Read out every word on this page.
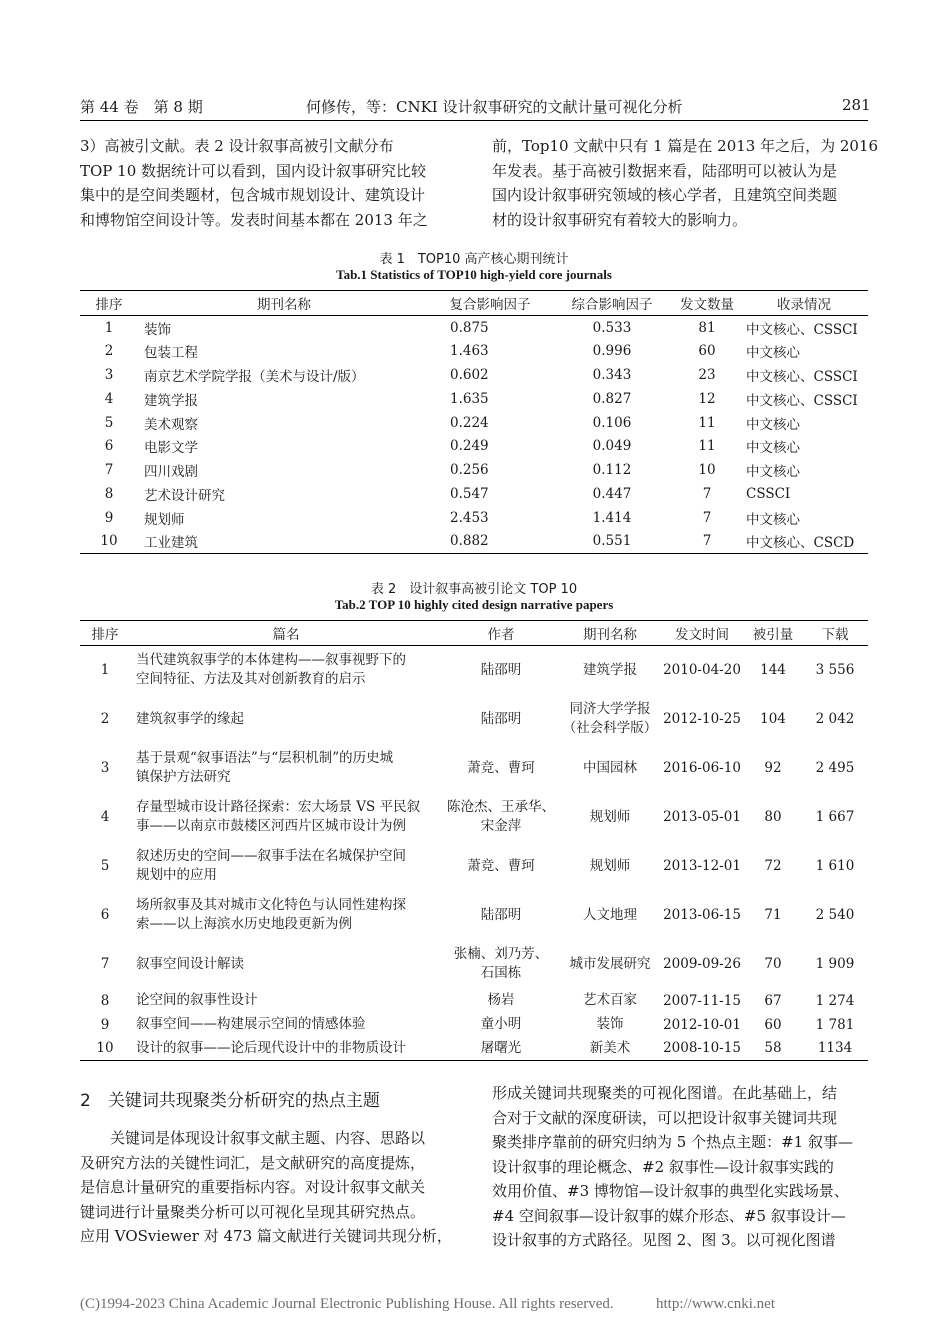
第 44 卷　第 8 期	何修传，等：CNKI 设计叙事研究的文献计量可视化分析	281
3）高被引文献。表 2 设计叙事高被引文献分布
TOP 10 数据统计可以看到，国内设计叙事研究比较
集中的是空间类题材，包含城市规划设计、建筑设计
和博物馆空间设计等。发表时间基本都在 2013 年之
前，Top10 文献中只有 1 篇是在 2013 年之后，为 2016
年发表。基于高被引数据来看，陆邵明可以被认为是
国内设计叙事研究领域的核心学者，且建筑空间类题
材的设计叙事研究有着较大的影响力。
表 1　TOP10 高产核心期刊统计
Tab.1 Statistics of TOP10 high-yield core journals
排序	期刊名称	复合影响因子	综合影响因子	发文数量	收录情况
1	装饰	0.875	0.533	81	中文核心、CSSCI
2	包装工程	1.463	0.996	60	中文核心
3	南京艺术学院学报（美术与设计/版）	0.602	0.343	23	中文核心、CSSCI
4	建筑学报	1.635	0.827	12	中文核心、CSSCI
5	美术观察	0.224	0.106	11	中文核心
6	电影文学	0.249	0.049	11	中文核心
7	四川戏剧	0.256	0.112	10	中文核心
8	艺术设计研究	0.547	0.447	7	CSSCI
9	规划师	2.453	1.414	7	中文核心
10	工业建筑	0.882	0.551	7	中文核心、CSCD
表 2　设计叙事高被引论文 TOP 10
Tab.2 TOP 10 highly cited design narrative papers
排序	篇名	作者	期刊名称	发文时间	被引量	下载
1	当代建筑叙事学的本体建构——叙事视野下的
空间特征、方法及其对创新教育的启示	陆邵明	建筑学报	2010-04-20	144	3 556
2	建筑叙事学的缘起	陆邵明	同济大学学报
（社会科学版）	2012-10-25	104	2 042
3	基于景观“叙事语法”与“层积机制”的历史城
镇保护方法研究	萧竞、曹珂	中国园林	2016-06-10	92	2 495
4	存量型城市设计路径探索：宏大场景 VS 平民叙
事——以南京市鼓楼区河西片区城市设计为例	陈沧杰、王承华、
宋金萍	规划师	2013-05-01	80	1 667
5	叙述历史的空间——叙事手法在名城保护空间
规划中的应用	萧竞、曹珂	规划师	2013-12-01	72	1 610
6	场所叙事及其对城市文化特色与认同性建构探
索——以上海滨水历史地段更新为例	陆邵明	人文地理	2013-06-15	71	2 540
7	叙事空间设计解读	张楠、刘乃芳、
石国栋	城市发展研究	2009-09-26	70	1 909
8	论空间的叙事性设计	杨岩	艺术百家	2007-11-15	67	1 274
9	叙事空间——构建展示空间的情感体验	童小明	装饰	2012-10-01	60	1 781
10	设计的叙事——论后现代设计中的非物质设计	屠曙光	新美术	2008-10-15	58	1134
2　关键词共现聚类分析研究的热点主题
　　关键词是体现设计叙事文献主题、内容、思路以
及研究方法的关键性词汇，是文献研究的高度提炼，
是信息计量研究的重要指标内容。对设计叙事文献关
键词进行计量聚类分析可以可视化呈现其研究热点。
应用 VOSviewer 对 473 篇文献进行关键词共现分析，
形成关键词共现聚类的可视化图谱。在此基础上，结
合对于文献的深度研读，可以把设计叙事关键词共现
聚类排序靠前的研究归纳为 5 个热点主题：#1 叙事—
设计叙事的理论概念、#2 叙事性—设计叙事实践的
效用价值、#3 博物馆—设计叙事的典型化实践场景、
#4 空间叙事—设计叙事的媒介形态、#5 叙事设计—
设计叙事的方式路径。见图 2、图 3。以可视化图谱
(C)1994-2023 China Academic Journal Electronic Publishing House. All rights reserved.	http://www.cnki.net
